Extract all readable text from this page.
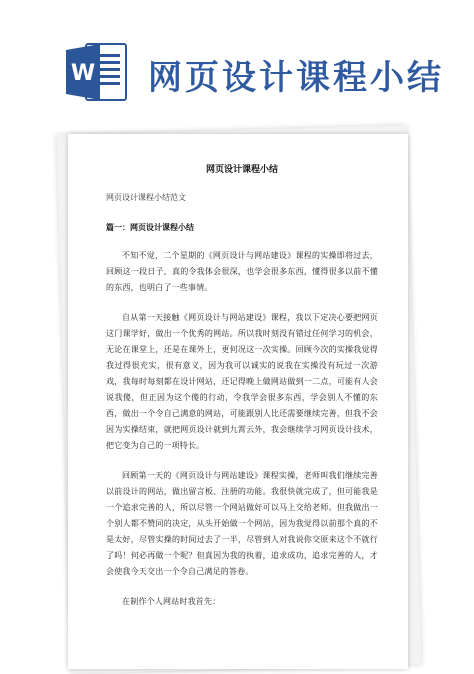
W 网页设计课程小结
网页设计课程小结
网页设计课程小结范文
篇一：网页设计课程小结

不知不觉，二个星期的《网页设计与网站建设》课程的实操即将过去，回顾这一段日子，真的令我体会很深，也学会很多东西，懂得很多以前不懂的东西，也明白了一些事情。

自从第一天接触《网页设计与网站建设》课程，我以下定决心要把网页这门课学好，做出一个优秀的网站。所以我时刻没有错过任何学习的机会，无论在课堂上，还是在课外上，更何况这一次实操。回顾今次的实操我觉得我过得很充实，很有意义，因为我可以诚实的说我在实操没有玩过一次游戏，我每时每刻都在设计网站，还记得晚上做网站做到一二点，可能有人会说我傻，但正因为这个傻的行动，令我学会很多东西，学会别人不懂的东西，做出一个令自己满意的网站，可能跟别人比还需要继续完善，但我不会因为实操结束，就把网页设计就到九霄云外，我会继续学习网页设计技术，把它变为自己的一项特长。

回顾第一天的《网页设计与网站建设》课程实操，老师叫我们继续完善以前设计的网站，做出留言板、注册的功能。我很快就完成了，但可能我是一个追求完善的人，所以尽管一个网站做好可以马上交给老师。但我做出一个别人都不赞同的决定，从头开始做一个网站，因为我觉得以前那个真的不是太好，尽管实操的时间过去了一半，尽管到人对我说你交原来这个不就行了吗！何必再做一个呢？但真因为我的执着，追求成功，追求完善的人，才会使我今天交出一个令自己满足的答卷。

在制作个人网站时我首先：
